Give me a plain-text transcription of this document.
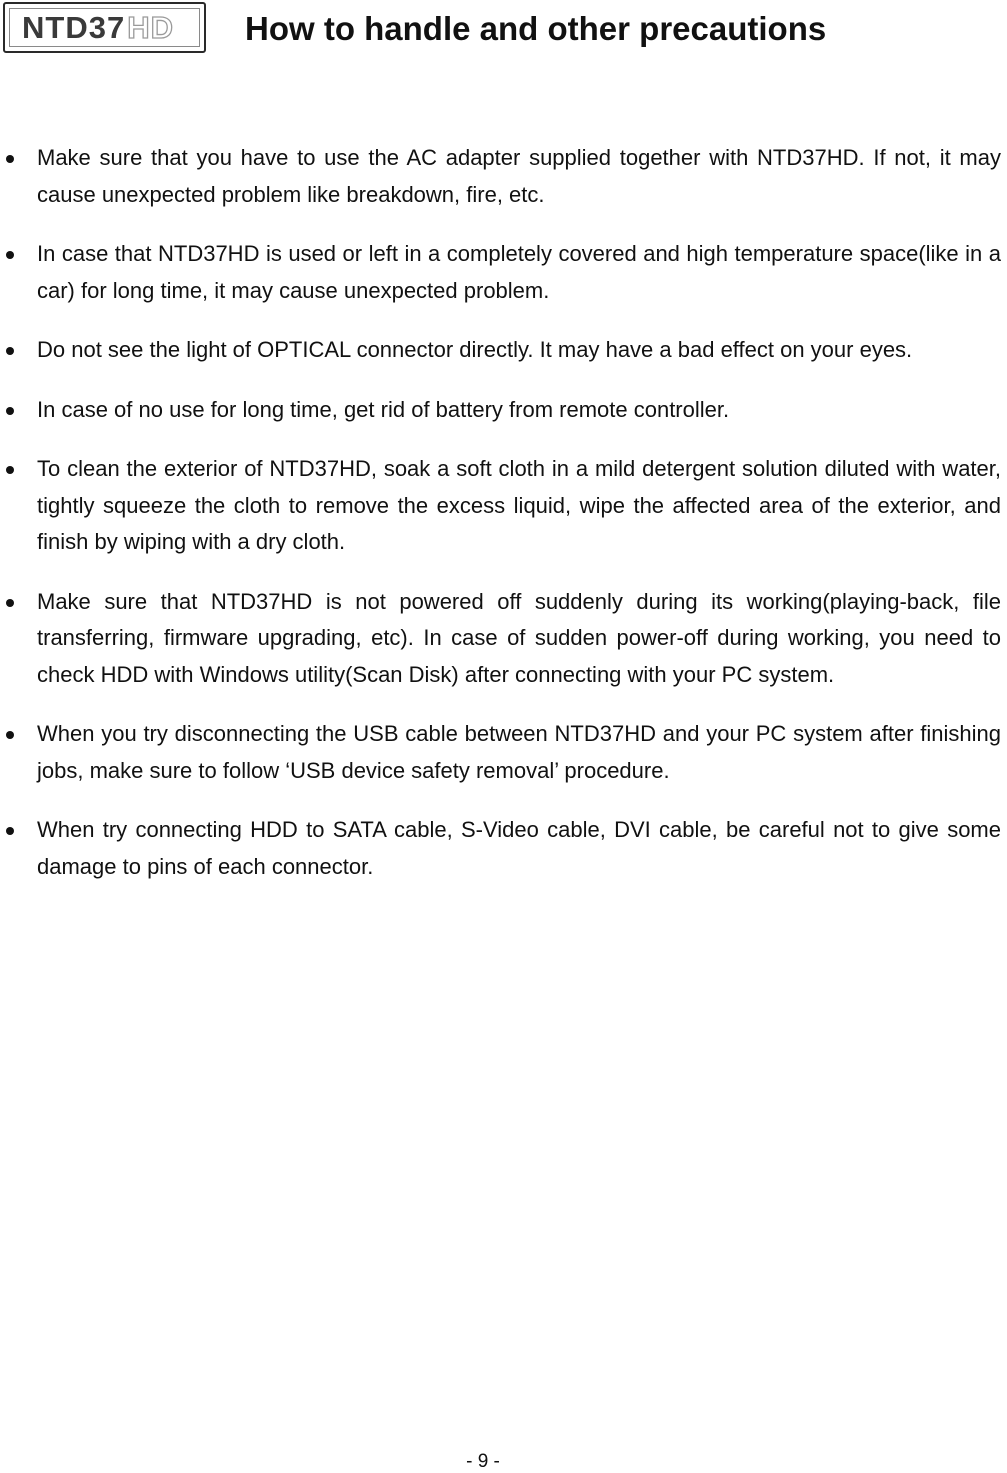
NTD37 HD How to handle and other precautions
Make sure that you have to use the AC adapter supplied together with NTD37HD. If not, it may cause unexpected problem like breakdown, fire, etc.
In case that NTD37HD is used or left in a completely covered and high temperature space(like in a car) for long time, it may cause unexpected problem.
Do not see the light of OPTICAL connector directly. It may have a bad effect on your eyes.
In case of no use for long time, get rid of battery from remote controller.
To clean the exterior of NTD37HD, soak a soft cloth in a mild detergent solution diluted with water, tightly squeeze the cloth to remove the excess liquid, wipe the affected area of the exterior, and finish by wiping with a dry cloth.
Make sure that NTD37HD is not powered off suddenly during its working(playing-back, file transferring, firmware upgrading, etc). In case of sudden power-off during working, you need to check HDD with Windows utility(Scan Disk) after connecting with your PC system.
When you try disconnecting the USB cable between NTD37HD and your PC system after finishing jobs, make sure to follow ‘USB device safety removal’ procedure.
When try connecting HDD to SATA cable, S-Video cable, DVI cable, be careful not to give some damage to pins of each connector.
- 9 -
